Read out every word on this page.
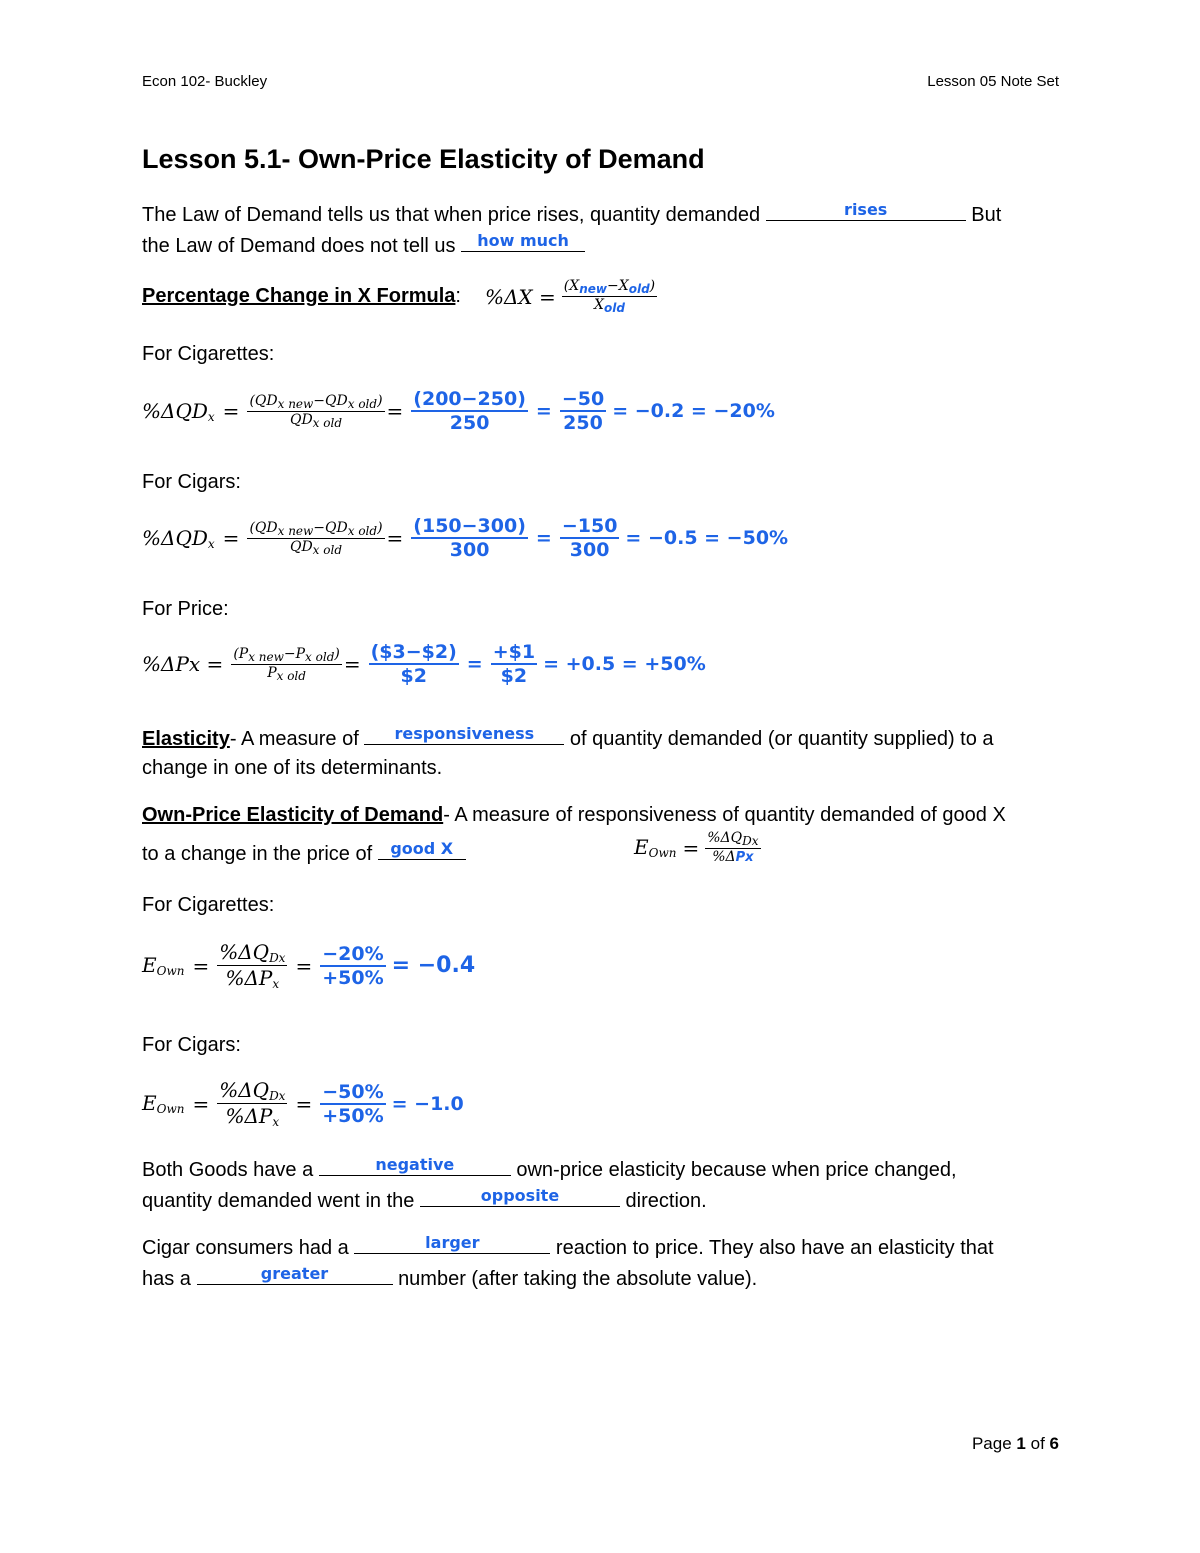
Econ 102- Buckley	Lesson 05 Note Set
Lesson 5.1- Own-Price Elasticity of Demand
The Law of Demand tells us that when price rises, quantity demanded	rises	But
the Law of Demand does not tell us	how much
Percentage Change in X Formula : $\%\Delta X = \frac{\text{(Xnew−Xold)}}{\text{Xold}}$
For Cigarettes:
$\%\Delta QD_x = \frac{\text{(QDx new−QDx old)}}{\text{QDx old}} = \frac{(200-250)}{250} = \frac{-50}{250} = -0.2 = -20\%$
For Cigars:
$\%\Delta QD_x = \frac{\text{(QDx new−QDx old)}}{\text{QDx old}} = \frac{(150-300)}{300} = \frac{-150}{300} = -0.5 = -50\%$
For Price:
$\%\Delta Px = \frac{\text{(Px new−Px old)}}{\text{Px old}} = \frac{(\$3-\$2)}{\$2} = \frac{+\$1}{\$2} = +0.5 = +50\%$
Elasticity- A measure of	responsiveness	of quantity demanded (or quantity supplied) to a
change in one of its determinants.
Own-Price Elasticity of Demand- A measure of responsiveness of quantity demanded of good X
to a change in the price of	good X	$E_{Own} = \frac{\text{\%ΔQDx}}{\text{\%ΔPx}}$
For Cigarettes:
$E_{Own} = \frac{\%\Delta Q_{Dx}}{\%\Delta P_x} = \frac{-20\%}{+50\%} = -0.4$
For Cigars:
$E_{Own} = \frac{\%\Delta Q_{Dx}}{\%\Delta P_x} = \frac{-50\%}{+50\%} = -1.0$
Both Goods have a	negative	own-price elasticity because when price changed,
quantity demanded went in the	opposite	direction.
Cigar consumers had a	larger	reaction to price. They also have an elasticity that
has a	greater	number (after taking the absolute value).
Page 1 of 6
